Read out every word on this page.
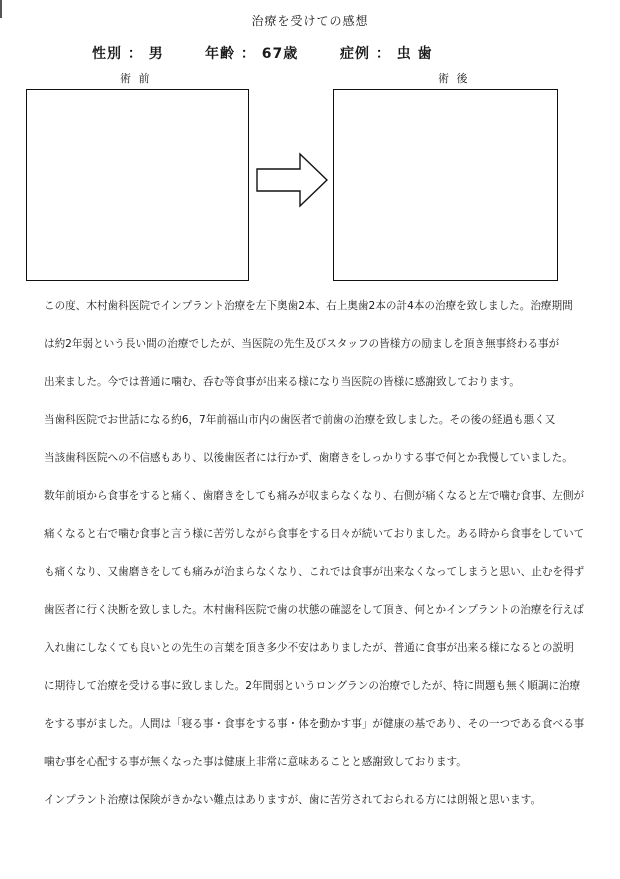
治療を受けての感想
性別 ： 男	年齢 ： 67歳	症例 ： 虫 歯
術 前	術 後
この度、木村歯科医院でインプラント治療を左下奥歯2本、右上奥歯2本の計4本の治療を致しました。治療期間
は約2年弱という長い間の治療でしたが、当医院の先生及びスタッフの皆様方の励ましを頂き無事終わる事が
出来ました。今では普通に噛む、呑む等食事が出来る様になり当医院の皆様に感謝致しております。
当歯科医院でお世話になる約6，7年前福山市内の歯医者で前歯の治療を致しました。その後の経過も悪く又
当該歯科医院への不信感もあり、以後歯医者には行かず、歯磨きをしっかりする事で何とか我慢していました。
数年前頃から食事をすると痛く、歯磨きをしても痛みが収まらなくなり、右側が痛くなると左で噛む食事、左側が
痛くなると右で噛む食事と言う様に苦労しながら食事をする日々が続いておりました。ある時から食事をしていて
も痛くなり、又歯磨きをしても痛みが治まらなくなり、これでは食事が出来なくなってしまうと思い、止むを得ず
歯医者に行く決断を致しました。木村歯科医院で歯の状態の確認をして頂き、何とかインプラントの治療を行えば
入れ歯にしなくても良いとの先生の言葉を頂き多少不安はありましたが、普通に食事が出来る様になるとの説明
に期待して治療を受ける事に致しました。2年間弱というロングランの治療でしたが、特に問題も無く順調に治療
をする事がました。人間は「寝る事・食事をする事・体を動かす事」が健康の基であり、その一つである食べる事
噛む事を心配する事が無くなった事は健康上非常に意味あることと感謝致しております。
インプラント治療は保険がきかない難点はありますが、歯に苦労されておられる方には朗報と思います。
